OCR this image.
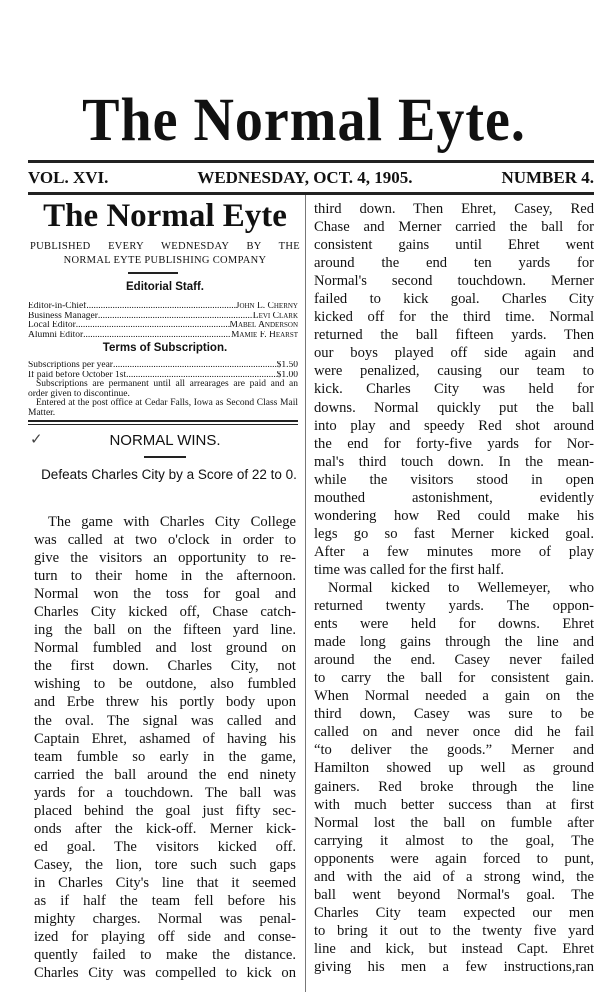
The Normal Eyte.
VOL. XVI.	WEDNESDAY, OCT. 4, 1905.	NUMBER 4.
The Normal Eyte
PUBLISHED EVERY WEDNESDAY BY THE
NORMAL EYTE PUBLISHING COMPANY
Editorial Staff.
Editor-in-Chief .....	John L. Cherny
Business Manager .....	Levi Clark
Local Editor .....	Mabel Anderson
Alumni Editor .....	Mamie F. Hearst
Terms of Subscription.
Subscriptions per year .....	$1.50
If paid before October 1st .....	$1.00
Subscriptions are permanent until all arrearages are paid and an order given to discontinue.
Entered at the post office at Cedar Falls, Iowa as Second Class Mail Matter.
✓	NORMAL WINS.
Defeats Charles City by a Score of 22 to 0.
The game with Charles City College
was called at two o'clock in order to
give the visitors an opportunity to re-
turn to their home in the afternoon.
Normal won the toss for goal and
Charles City kicked off, Chase catch-
ing the ball on the fifteen yard line.
Normal fumbled and lost ground on
the first down. Charles City, not
wishing to be outdone, also fumbled
and Erbe threw his portly body upon
the oval. The signal was called and
Captain Ehret, ashamed of having his
team fumble so early in the game,
carried the ball around the end ninety
yards for a touchdown. The ball was
placed behind the goal just fifty sec-
onds after the kick-off. Merner kick-
ed goal. The visitors kicked off.
Casey, the lion, tore such such gaps
in Charles City's line that it seemed
as if half the team fell before his
mighty charges. Normal was penal-
ized for playing off side and conse-
quently failed to make the distance.
Charles City was compelled to kick on
third down. Then Ehret, Casey, Red
Chase and Merner carried the ball for
consistent gains until Ehret went
around the end ten yards for
Normal's second touchdown. Merner
failed to kick goal. Charles City
kicked off for the third time. Normal
returned the ball fifteen yards. Then
our boys played off side again and
were penalized, causing our team to
kick. Charles City was held for
downs. Normal quickly put the ball
into play and speedy Red shot around
the end for forty-five yards for Nor-
mal's third touch down. In the mean-
while the visitors stood in open
mouthed astonishment, evidently
wondering how Red could make his
legs go so fast Merner kicked goal.
After a few minutes more of play
time was called for the first half.
Normal kicked to Wellemeyer, who
returned twenty yards. The oppon-
ents were held for downs. Ehret
made long gains through the line and
around the end. Casey never failed
to carry the ball for consistent gain.
When Normal needed a gain on the
third down, Casey was sure to be
called on and never once did he fail
“to deliver the goods.” Merner and
Hamilton showed up well as ground
gainers. Red broke through the line
with much better success than at first
Normal lost the ball on fumble after
carrying it almost to the goal, The
opponents were again forced to punt,
and with the aid of a strong wind, the
ball went beyond Normal's goal. The
Charles City team expected our men
to bring it out to the twenty five yard
line and kick, but instead Capt. Ehret
giving his men a few instructions,ran
